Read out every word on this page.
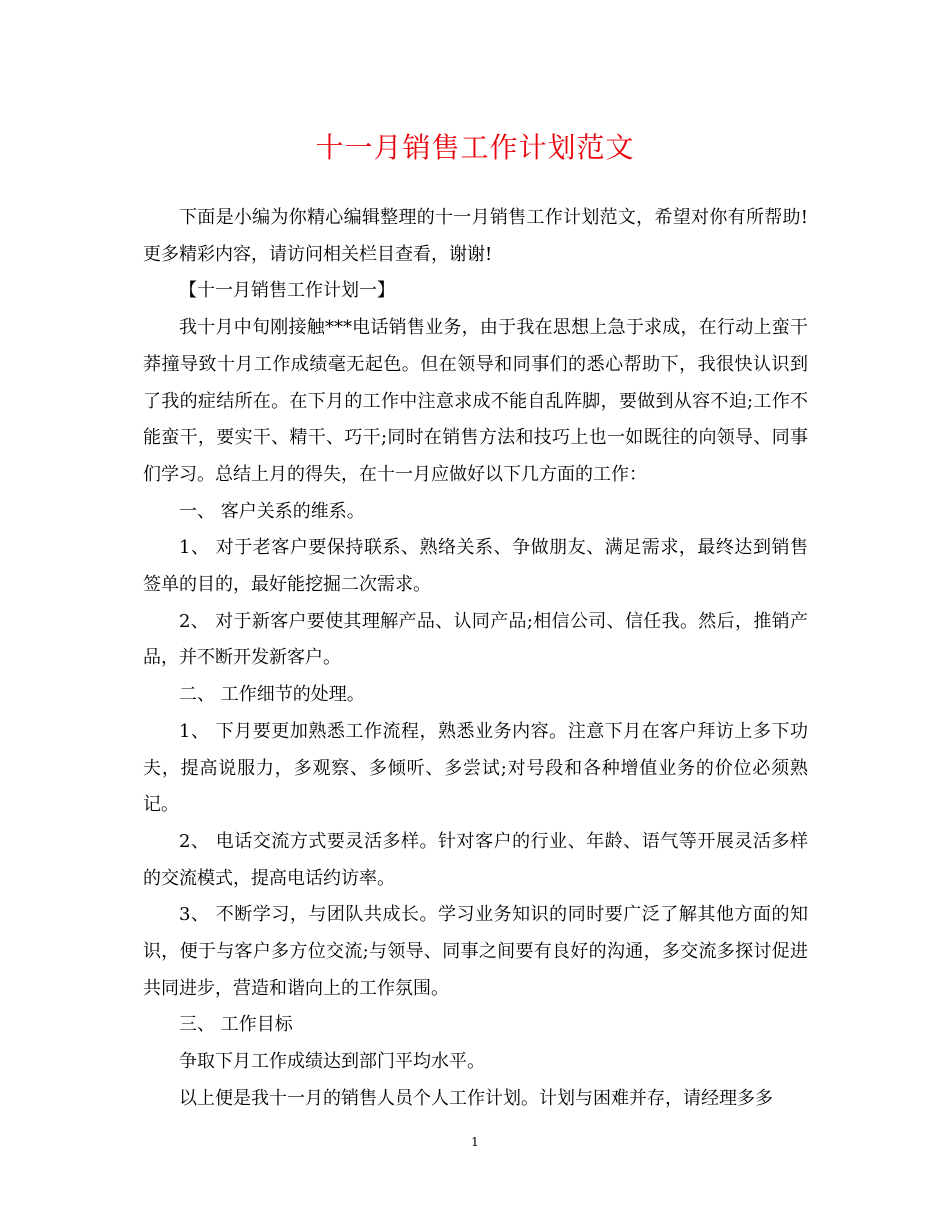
十一月销售工作计划范文

下面是小编为你精心编辑整理的十一月销售工作计划范文，希望对你有所帮助!更多精彩内容，请访问相关栏目查看，谢谢!

【十一月销售工作计划一】

我十月中旬刚接触***电话销售业务，由于我在思想上急于求成，在行动上蛮干莽撞导致十月工作成绩毫无起色。但在领导和同事们的悉心帮助下，我很快认识到了我的症结所在。在下月的工作中注意求成不能自乱阵脚，要做到从容不迫;工作不能蛮干，要实干、精干、巧干;同时在销售方法和技巧上也一如既往的向领导、同事们学习。总结上月的得失，在十一月应做好以下几方面的工作：

一、 客户关系的维系。

1、 对于老客户要保持联系、熟络关系、争做朋友、满足需求，最终达到销售签单的目的，最好能挖掘二次需求。

2、 对于新客户要使其理解产品、认同产品;相信公司、信任我。然后，推销产品，并不断开发新客户。

二、 工作细节的处理。

1、 下月要更加熟悉工作流程，熟悉业务内容。注意下月在客户拜访上多下功夫，提高说服力，多观察、多倾听、多尝试;对号段和各种增值业务的价位必须熟记。

2、 电话交流方式要灵活多样。针对客户的行业、年龄、语气等开展灵活多样的交流模式，提高电话约访率。

3、 不断学习，与团队共成长。学习业务知识的同时要广泛了解其他方面的知识，便于与客户多方位交流;与领导、同事之间要有良好的沟通，多交流多探讨促进共同进步，营造和谐向上的工作氛围。

三、 工作目标

争取下月工作成绩达到部门平均水平。

以上便是我十一月的销售人员个人工作计划。计划与困难并存，请经理多多

1
